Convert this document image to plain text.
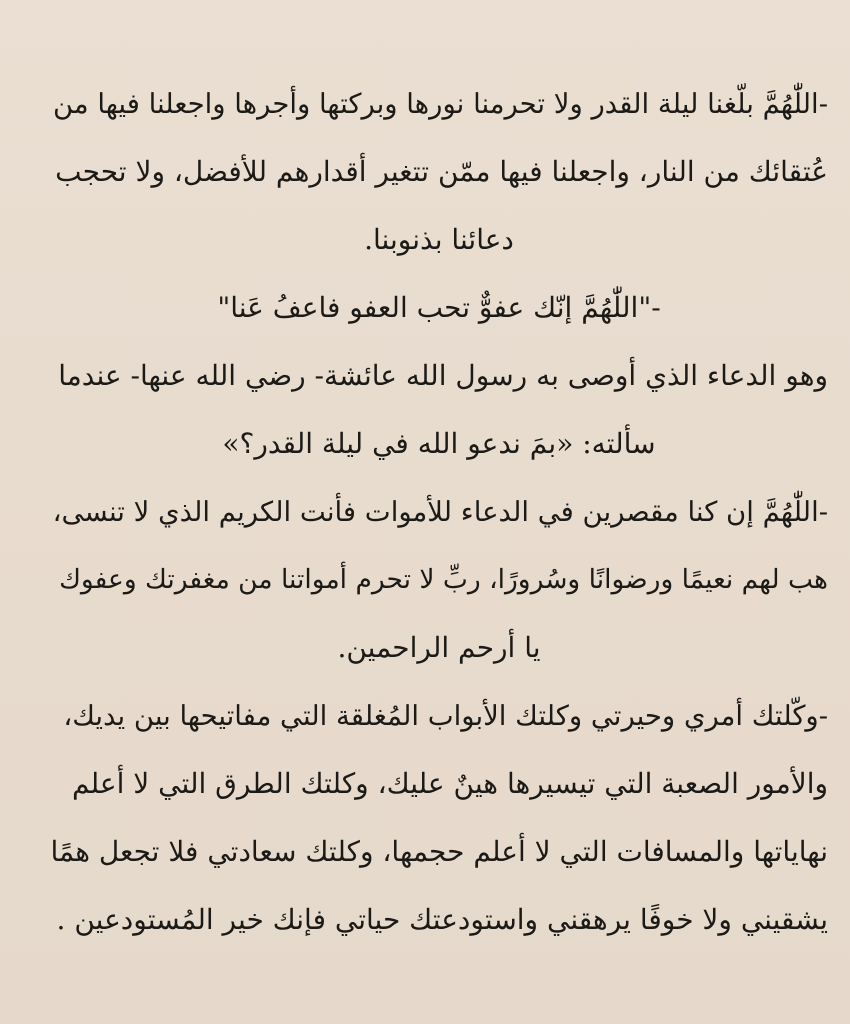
-اللّٰهُمَّ بلّغنا ليلة القدر ولا تحرمنا نورها وبركتها وأجرها واجعلنا فيها من
عُتقائك من النار، واجعلنا فيها ممّن تتغير أقدارهم للأفضل، ولا تحجب
دعائنا بذنوبنا.
-"اللّٰهُمَّ إنّك عفوٌّ تحب العفو فاعفُ عَنا"
وهو الدعاء الذي أوصى به رسول الله عائشة- رضي الله عنها- عندما
سألته: «بمَ ندعو الله في ليلة القدر؟»
-اللّٰهُمَّ إن كنا مقصرين في الدعاء للأموات فأنت الكريم الذي لا تنسى،
هب لهم نعيمًا ورضوانًا وسُرورًا، ربِّ لا تحرم أمواتنا من مغفرتك وعفوك
يا أرحم الراحمين.
-وكّلتك أمري وحيرتي وكلتك الأبواب المُغلقة التي مفاتيحها بين يديك،
والأمور الصعبة التي تيسيرها هينٌ عليك، وكلتك الطرق التي لا أعلم
نهاياتها والمسافات التي لا أعلم حجمها، وكلتك سعادتي فلا تجعل همًا
يشقيني ولا خوفًا يرهقني واستودعتك حياتي فإنك خير المُستودعين .
